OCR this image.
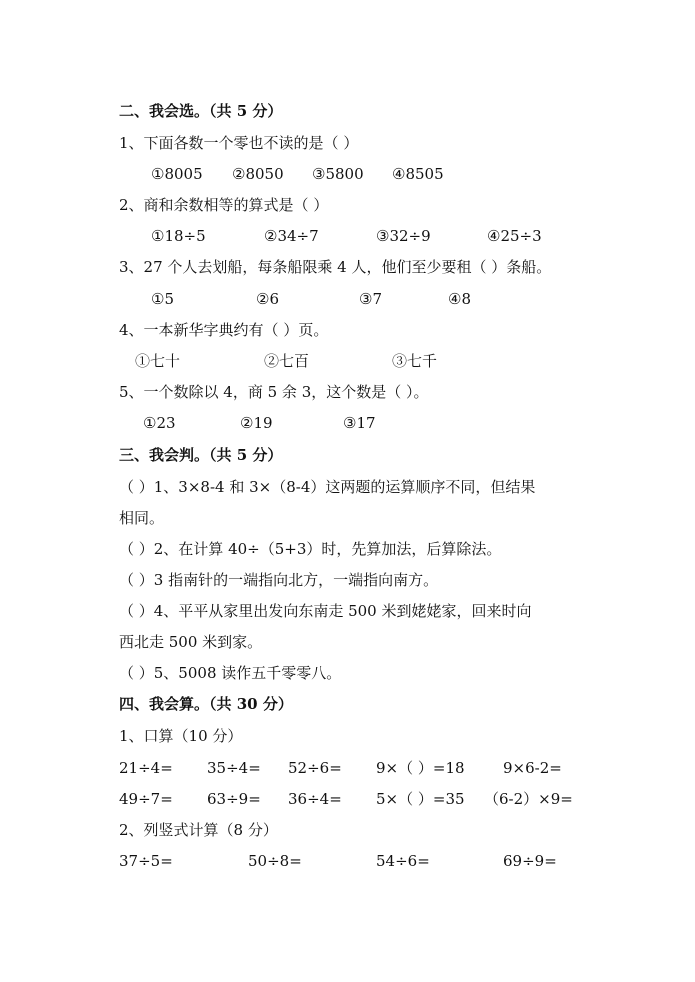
二、我会选。（共 5 分）
1、下面各数一个零也不读的是（ ）
①8005 ②8050 ③5800 ④8505
2、商和余数相等的算式是（ ）
①18÷5	②34÷7	③32÷9	④25÷3
3、27 个人去划船，每条船限乘 4 人，他们至少要租（ ）条船。
①5	②6	③7	④8
4、一本新华字典约有（ ）页。
①七十	②七百	③七千
5、一个数除以 4，商 5 余 3，这个数是（ ）。
①23	②19	③17
三、我会判。（共 5 分）
（ ）1、3×8-4 和 3×（8-4）这两题的运算顺序不同，但结果
相同。
（ ）2、在计算 40÷（5+3）时，先算加法，后算除法。
（ ）3 指南针的一端指向北方，一端指向南方。
（ ）4、平平从家里出发向东南走 500 米到姥姥家，回来时向
西北走 500 米到家。
（ ）5、5008 读作五千零零八。
四、我会算。（共 30 分）
1、口算（10 分）
21÷4= 35÷4= 52÷6= 9×（ ）=18	9×6-2=
49÷7= 63÷9= 36÷4= 5×（ ）=35 （6-2）×9=
2、列竖式计算（8 分）
37÷5=	50÷8=	54÷6=	69÷9=
